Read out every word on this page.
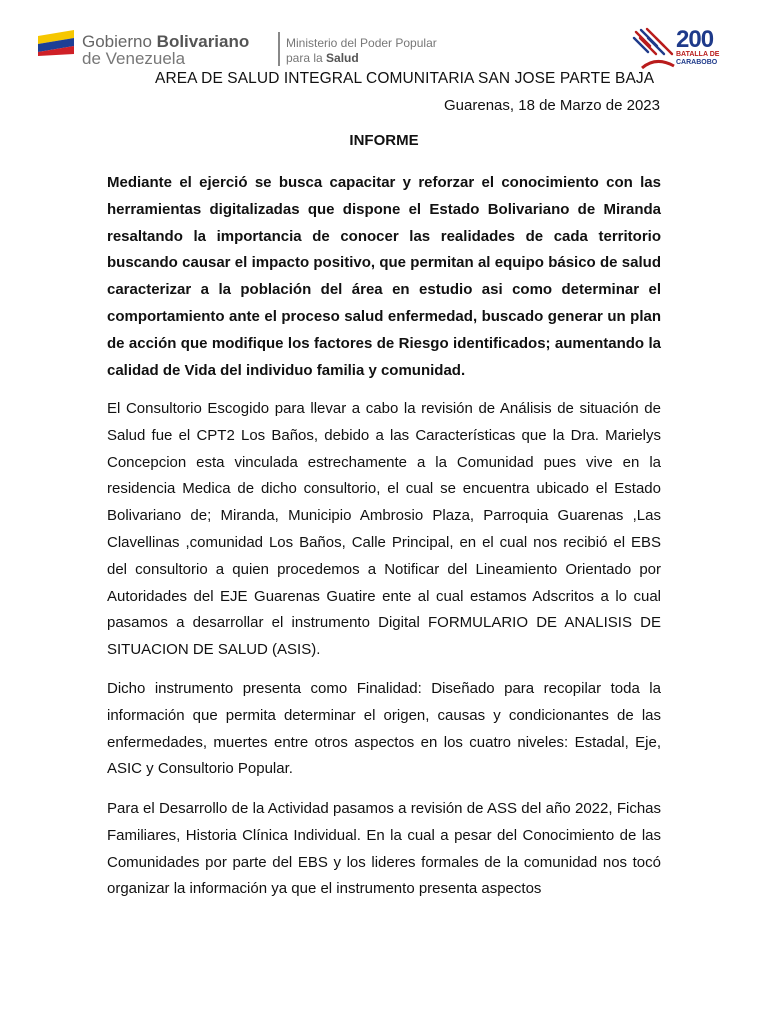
Gobierno Bolivariano
de Venezuela
Ministerio del Poder Popular
para la Salud
200
BATALLA DE
CARABOBO
AREA DE SALUD INTEGRAL COMUNITARIA SAN JOSE PARTE BAJA
Guarenas, 18 de Marzo de 2023
INFORME

Mediante el ejerció se busca capacitar y reforzar el conocimiento con las herramientas digitalizadas que dispone el Estado Bolivariano de Miranda resaltando la importancia de conocer las realidades de cada territorio buscando causar el impacto positivo, que permitan al equipo básico de salud caracterizar a la población del área en estudio asi como determinar el comportamiento ante el proceso salud enfermedad, buscado generar un plan de acción que modifique los factores de Riesgo identificados; aumentando la calidad de Vida del individuo familia y comunidad.

El Consultorio Escogido para llevar a cabo la revisión de Análisis de situación de Salud fue el CPT2 Los Baños, debido a las Características que la Dra. Marielys Concepcion esta vinculada estrechamente a la Comunidad pues vive en la residencia Medica de dicho consultorio, el cual se encuentra ubicado el Estado Bolivariano de; Miranda, Municipio Ambrosio Plaza, Parroquia Guarenas ,Las Clavellinas ,comunidad Los Baños, Calle Principal, en el cual nos recibió el EBS del consultorio a quien procedemos a Notificar del Lineamiento Orientado por Autoridades del EJE Guarenas Guatire ente al cual estamos Adscritos a lo cual pasamos a desarrollar el instrumento Digital FORMULARIO DE ANALISIS DE SITUACION DE SALUD (ASIS).

Dicho instrumento presenta como Finalidad: Diseñado para recopilar toda la información que permita determinar el origen, causas y condicionantes de las enfermedades, muertes entre otros aspectos en los cuatro niveles: Estadal, Eje, ASIC y Consultorio Popular.

Para el Desarrollo de la Actividad pasamos a revisión de ASS del año 2022, Fichas Familiares, Historia Clínica Individual. En la cual a pesar del Conocimiento de las Comunidades por parte del EBS y los lideres formales de la comunidad nos tocó organizar la información ya que el instrumento presenta aspectos
